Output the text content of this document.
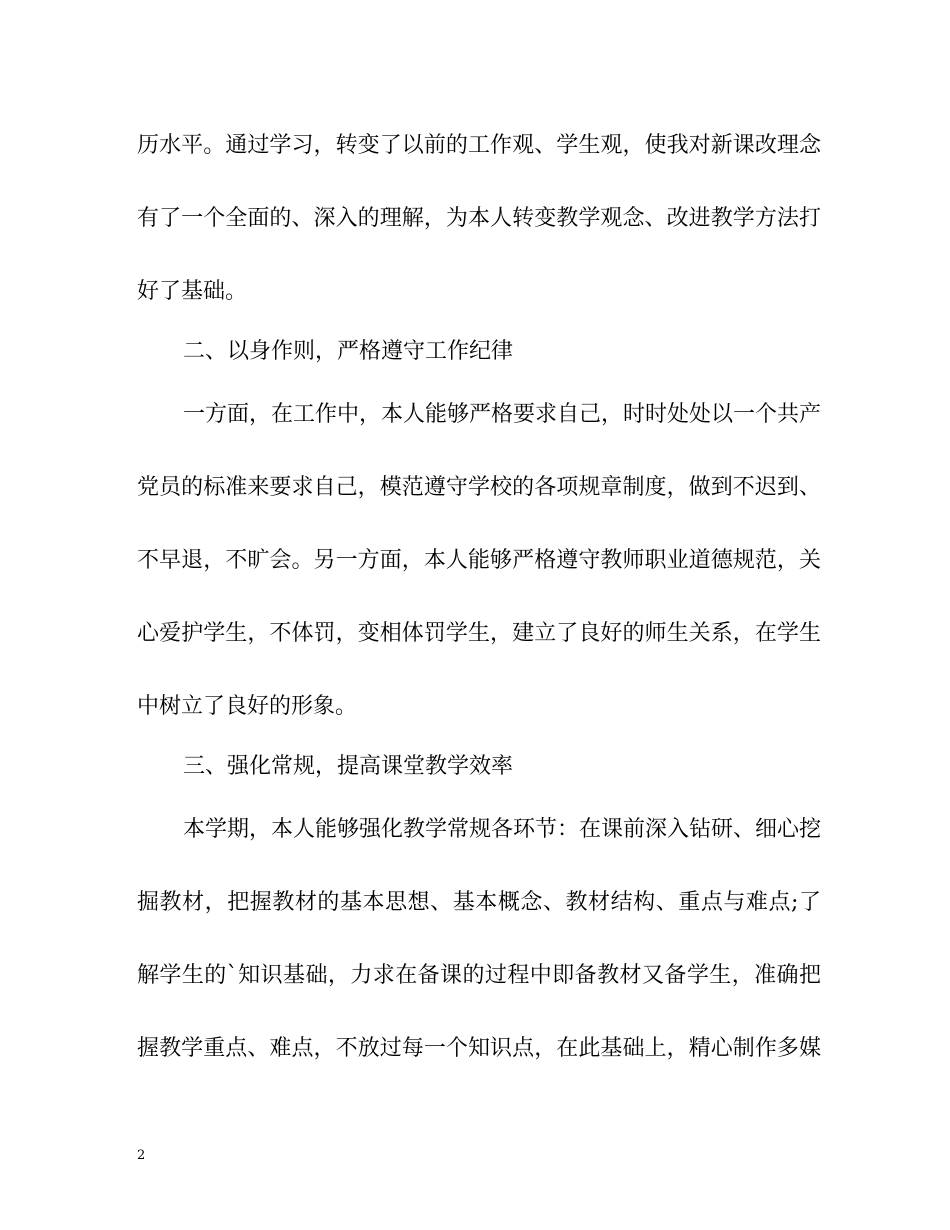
历水平。通过学习，转变了以前的工作观、学生观，使我对新课改理念
有了一个全面的、深入的理解，为本人转变教学观念、改进教学方法打
好了基础。
二、以身作则，严格遵守工作纪律
一方面，在工作中，本人能够严格要求自己，时时处处以一个共产
党员的标准来要求自己，模范遵守学校的各项规章制度，做到不迟到、
不早退，不旷会。另一方面，本人能够严格遵守教师职业道德规范，关
心爱护学生，不体罚，变相体罚学生，建立了良好的师生关系，在学生
中树立了良好的形象。
三、强化常规，提高课堂教学效率
本学期，本人能够强化教学常规各环节：在课前深入钻研、细心挖
掘教材，把握教材的基本思想、基本概念、教材结构、重点与难点;了
解学生的`知识基础，力求在备课的过程中即备教材又备学生，准确把
握教学重点、难点，不放过每一个知识点，在此基础上，精心制作多媒
2
